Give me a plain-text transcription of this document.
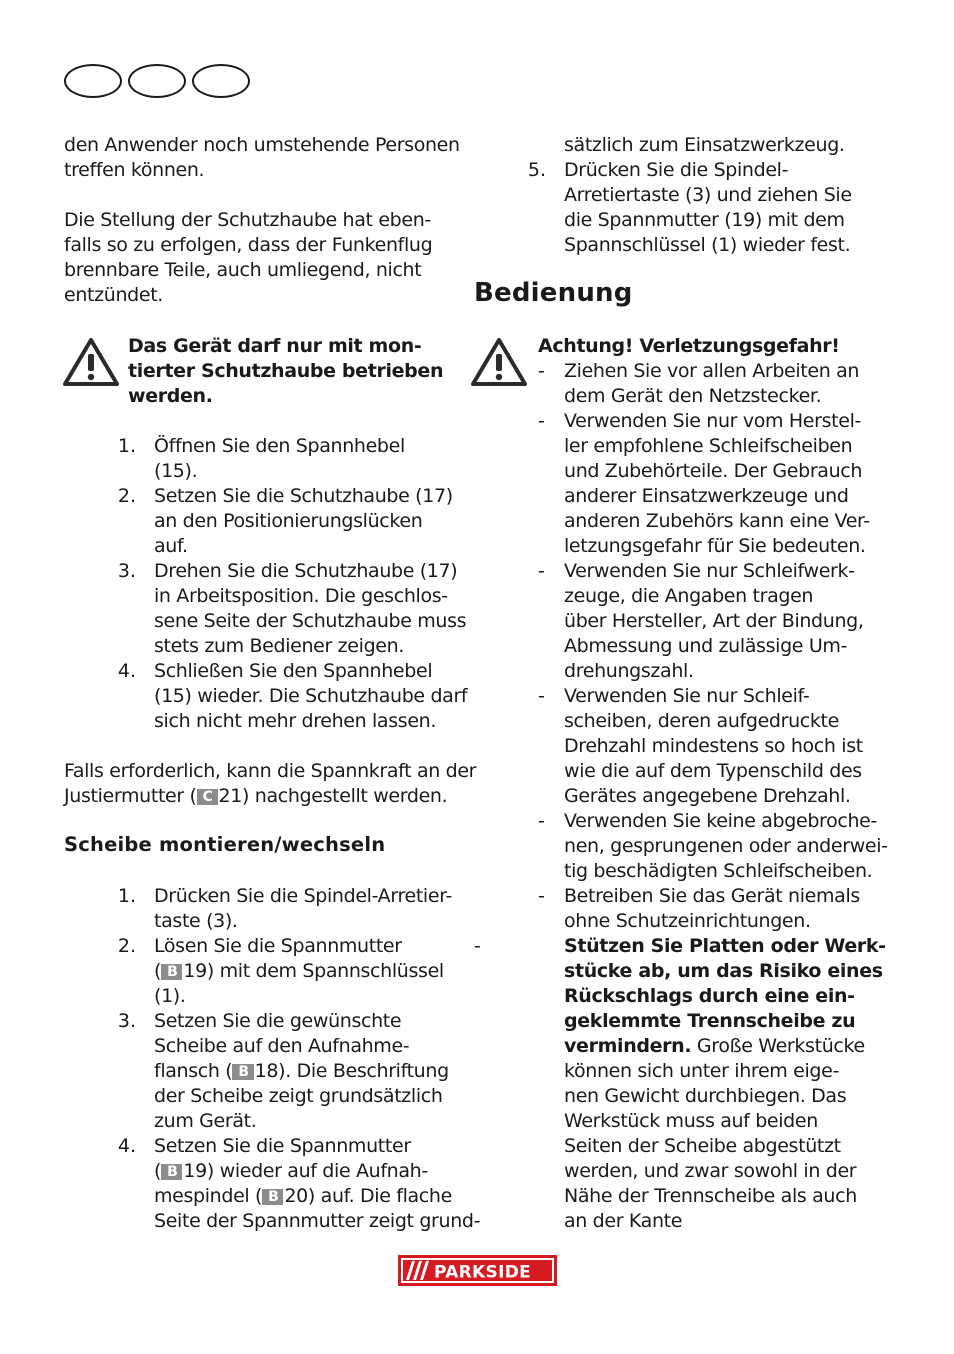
den Anwender noch umstehende Personen
treffen können.
Die Stellung der Schutzhaube hat eben-
falls so zu erfolgen, dass der Funkenflug
brennbare Teile, auch umliegend, nicht
entzündet.
Das Gerät darf nur mit mon-
tierter Schutzhaube betrieben
werden.
1. Öffnen Sie den Spannhebel
(15).
2. Setzen Sie die Schutzhaube (17)
an den Positionierungslücken
auf.
3. Drehen Sie die Schutzhaube (17)
in Arbeitsposition. Die geschlos-
sene Seite der Schutzhaube muss
stets zum Bediener zeigen.
4. Schließen Sie den Spannhebel
(15) wieder. Die Schutzhaube darf
sich nicht mehr drehen lassen.
Falls erforderlich, kann die Spannkraft an der
Justiermutter ( C 21) nachgestellt werden.
Scheibe montieren/wechseln
1. Drücken Sie die Spindel-Arretier-
taste (3).
2. Lösen Sie die Spannmutter
( B 19) mit dem Spannschlüssel
(1).
3. Setzen Sie die gewünschte
Scheibe auf den Aufnahme-
flansch ( B 18). Die Beschriftung
der Scheibe zeigt grundsätzlich
zum Gerät.
4. Setzen Sie die Spannmutter
( B 19) wieder auf die Aufnah-
mespindel ( B 20) auf. Die flache
Seite der Spannmutter zeigt grund-
sätzlich zum Einsatzwerkzeug.
5. Drücken Sie die Spindel-
Arretiertaste (3) und ziehen Sie
die Spannmutter (19) mit dem
Spannschlüssel (1) wieder fest.
Bedienung
Achtung! Verletzungsgefahr!
- Ziehen Sie vor allen Arbeiten an
dem Gerät den Netzstecker.
- Verwenden Sie nur vom Herstel-
ler empfohlene Schleifscheiben
und Zubehörteile. Der Gebrauch
anderer Einsatzwerkzeuge und
anderen Zubehörs kann eine Ver-
letzungsgefahr für Sie bedeuten.
- Verwenden Sie nur Schleifwerk-
zeuge, die Angaben tragen
über Hersteller, Art der Bindung,
Abmessung und zulässige Um-
drehungszahl.
- Verwenden Sie nur Schleif-
scheiben, deren aufgedruckte
Drehzahl mindestens so hoch ist
wie die auf dem Typenschild des
Gerätes angegebene Drehzahl.
- Verwenden Sie keine abgebroche-
nen, gesprungenen oder anderwei-
tig beschädigten Schleifscheiben.
- Betreiben Sie das Gerät niemals
ohne Schutzeinrichtungen.
-	Stützen Sie Platten oder Werk-
stücke ab, um das Risiko eines
Rückschlags durch eine ein-
geklemmte Trennscheibe zu
vermindern. Große Werkstücke
können sich unter ihrem eige-
nen Gewicht durchbiegen. Das
Werkstück muss auf beiden
Seiten der Scheibe abgestützt
werden, und zwar sowohl in der
Nähe der Trennscheibe als auch
an der Kante
PARKSIDE
